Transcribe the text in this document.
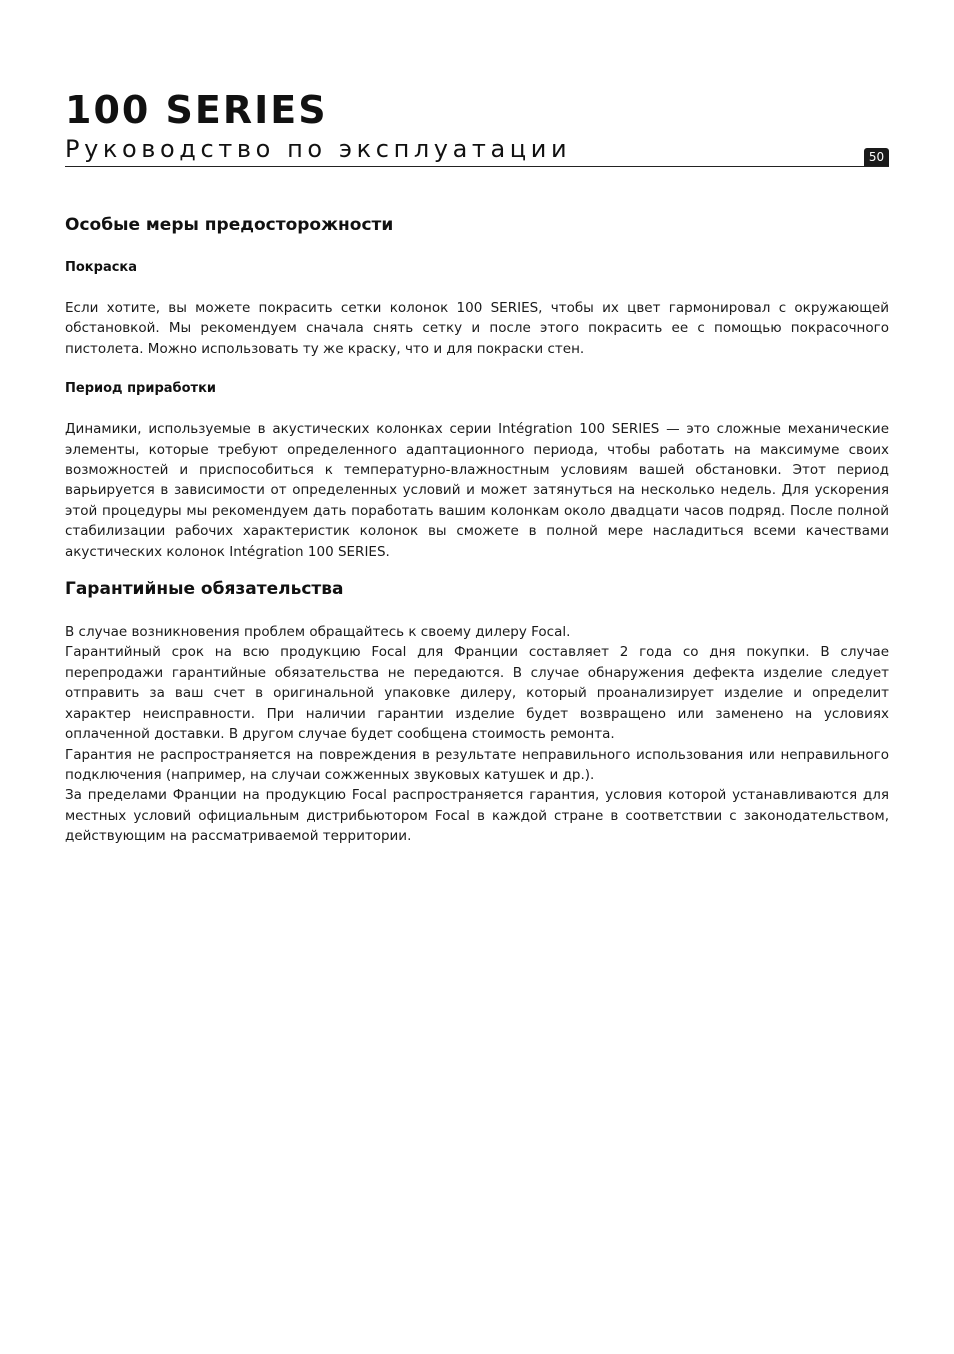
100 SERIES
Руководство по эксплуатации	50
Особые меры предосторожности
Покраска

Если хотите, вы можете покрасить сетки колонок 100 SERIES, чтобы их цвет гармонировал с окружающей обстановкой. Мы рекомендуем сначала снять сетку и после этого покрасить ее с помощью покрасочного пистолета. Можно использовать ту же краску, что и для покраски стен.

Период приработки

Динамики, используемые в акустических колонках серии Intégration 100 SERIES — это сложные механические элементы, которые требуют определенного адаптационного периода, чтобы работать на максимуме своих возможностей и приспособиться к температурно-влажностным условиям вашей обстановки. Этот период варьируется в зависимости от определенных условий и может затянуться на несколько недель. Для ускорения этой процедуры мы рекомендуем дать поработать вашим колонкам около двадцати часов подряд. После полной стабилизации рабочих характеристик колонок вы сможете в полной мере насладиться всеми качествами акустических колонок Intégration 100 SERIES.

Гарантийные обязательства

В случае возникновения проблем обращайтесь к своему дилеру Focal.

Гарантийный срок на всю продукцию Focal для Франции составляет 2 года со дня покупки. В случае перепродажи гарантийные обязательства не передаются. В случае обнаружения дефекта изделие следует отправить за ваш счет в оригинальной упаковке дилеру, который проанализирует изделие и определит характер неисправности. При наличии гарантии изделие будет возвращено или заменено на условиях оплаченной доставки. В другом случае будет сообщена стоимость ремонта.

Гарантия не распространяется на повреждения в результате неправильного использования или неправильного подключения (например, на случаи сожженных звуковых катушек и др.).

За пределами Франции на продукцию Focal распространяется гарантия, условия которой устанавливаются для местных условий официальным дистрибьютором Focal в каждой стране в соответствии с законодательством, действующим на рассматриваемой территории.
